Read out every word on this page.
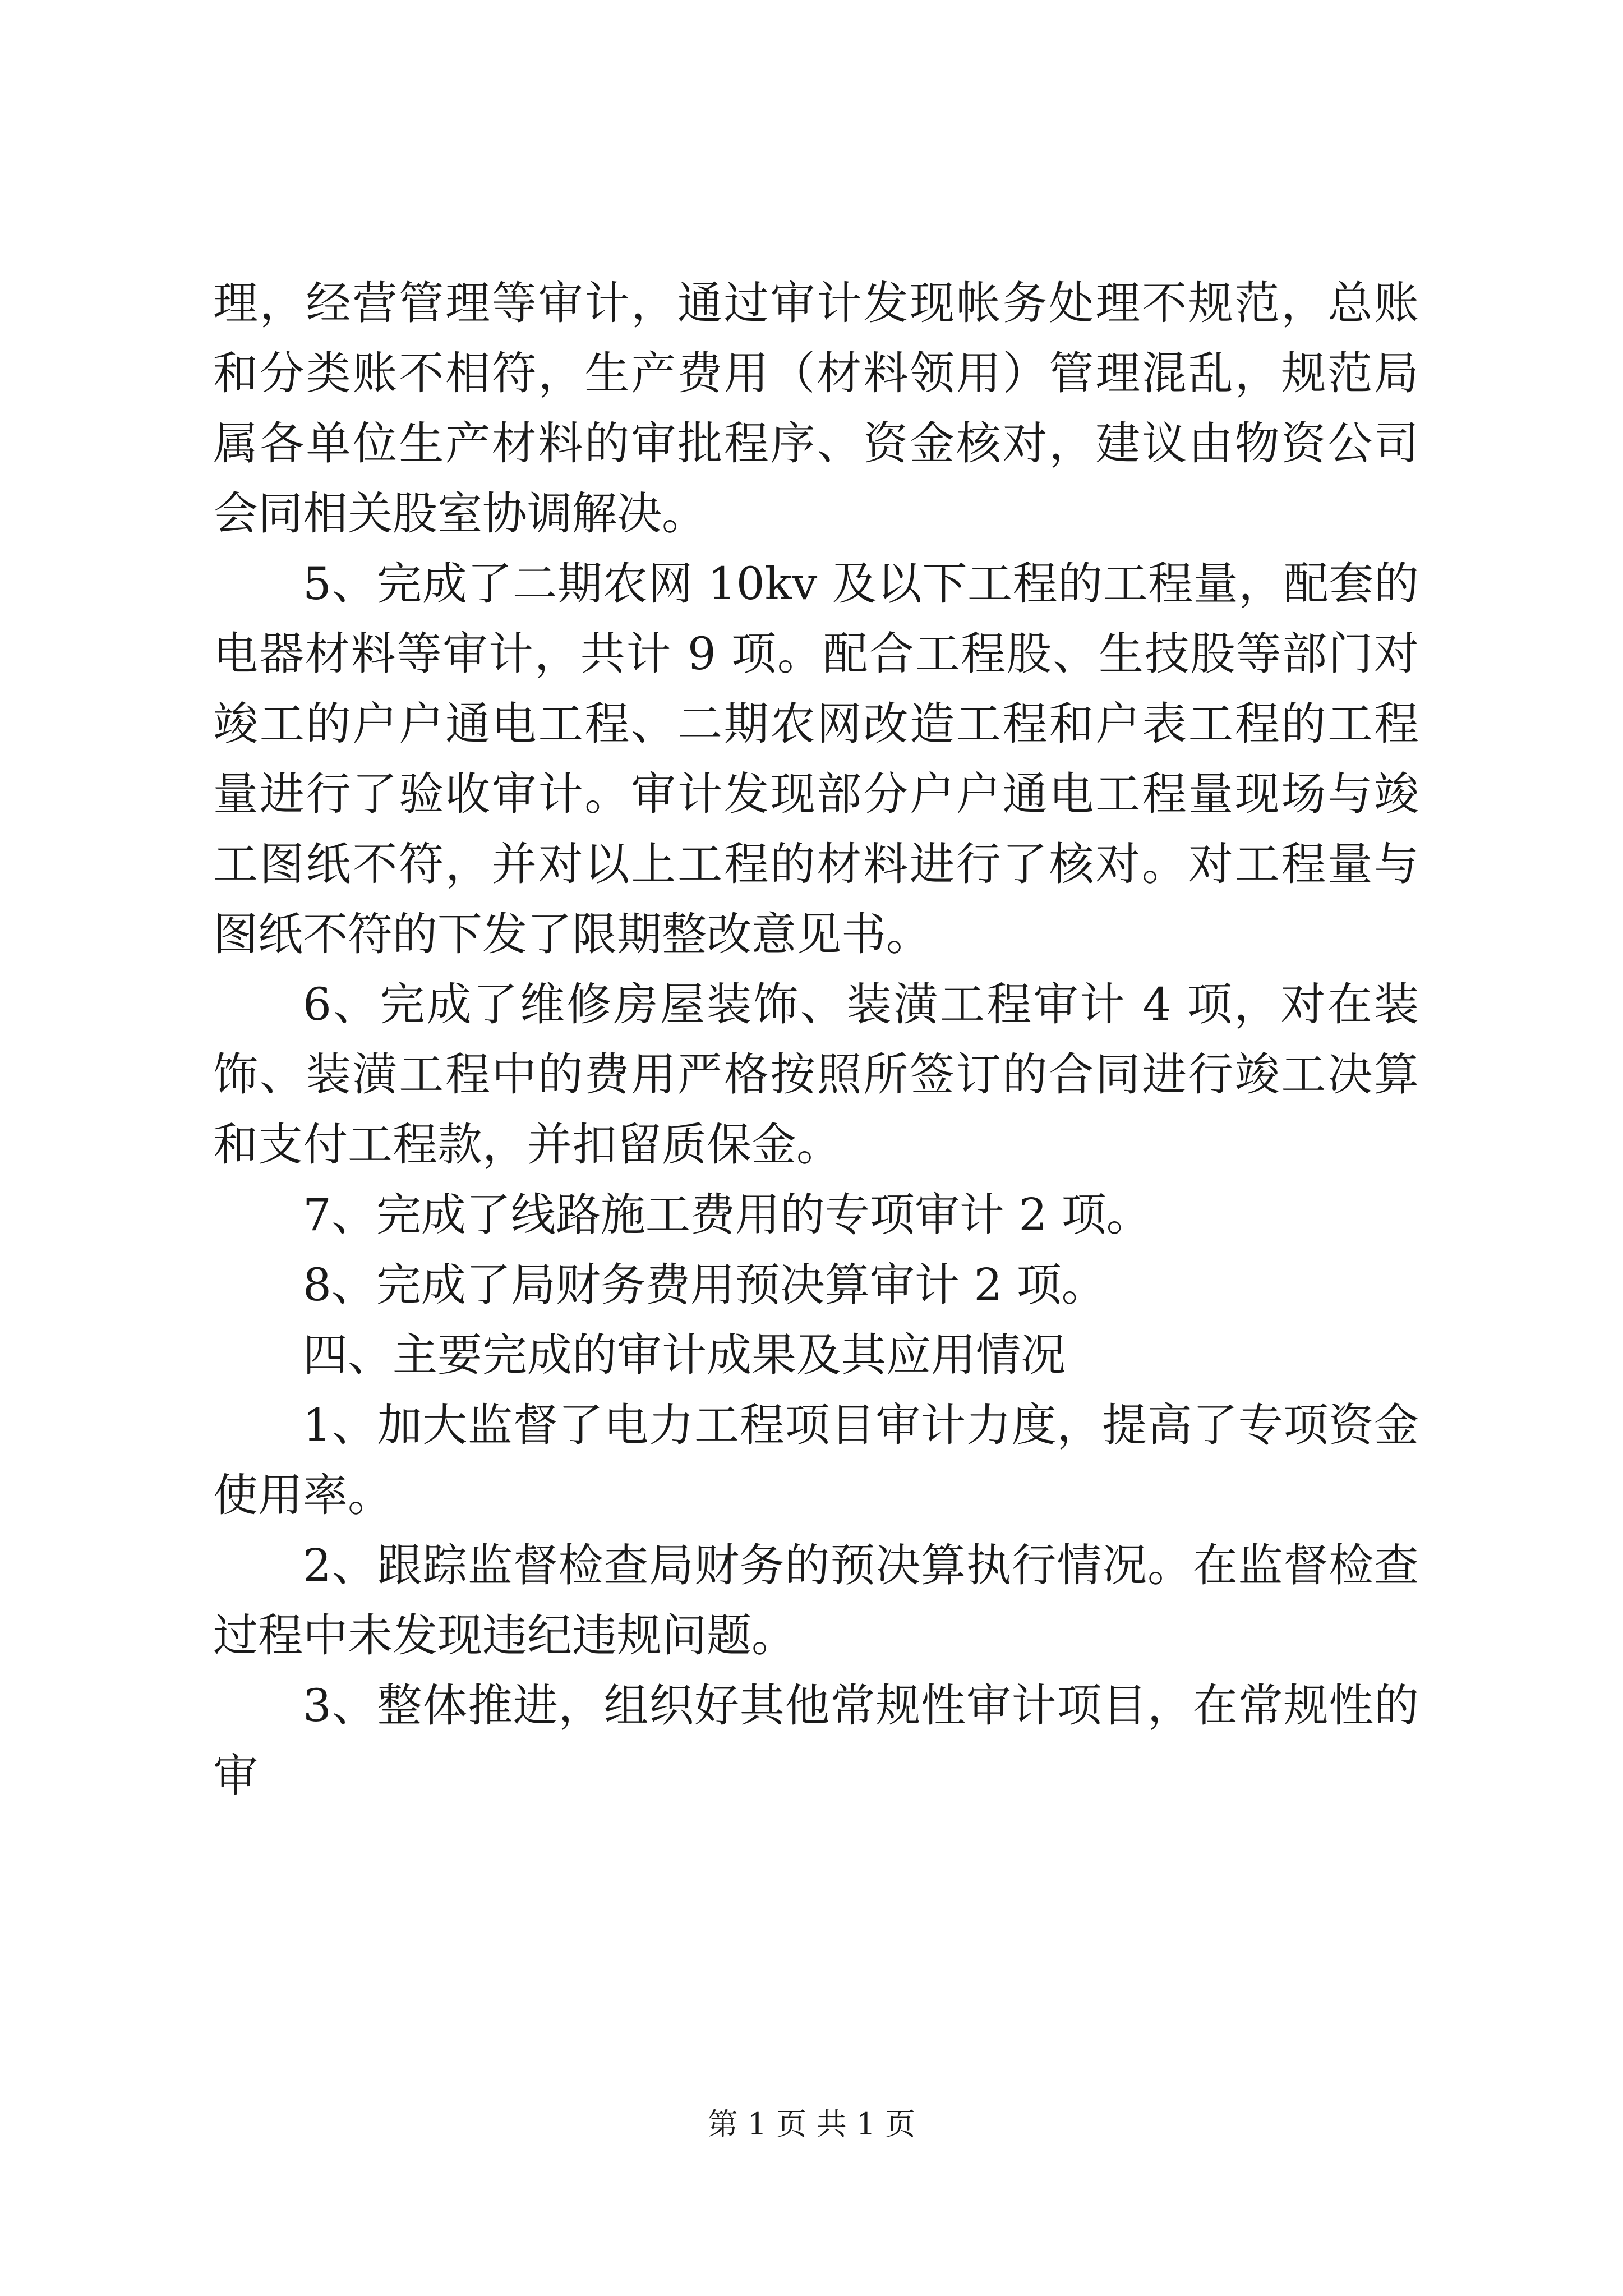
理，经营管理等审计，通过审计发现帐务处理不规范，总账和分类账不相符，生产费用（材料领用）管理混乱，规范局属各单位生产材料的审批程序、资金核对，建议由物资公司会同相关股室协调解决。

5、完成了二期农网 10kv 及以下工程的工程量，配套的电器材料等审计，共计 9 项。配合工程股、生技股等部门对竣工的户户通电工程、二期农网改造工程和户表工程的工程量进行了验收审计。审计发现部分户户通电工程量现场与竣工图纸不符，并对以上工程的材料进行了核对。对工程量与图纸不符的下发了限期整改意见书。

6、完成了维修房屋装饰、装潢工程审计 4 项，对在装饰、装潢工程中的费用严格按照所签订的合同进行竣工决算和支付工程款，并扣留质保金。

7、完成了线路施工费用的专项审计 2 项。

8、完成了局财务费用预决算审计 2 项。

四、主要完成的审计成果及其应用情况

1、加大监督了电力工程项目审计力度，提高了专项资金使用率。

2、跟踪监督检查局财务的预决算执行情况。在监督检查过程中未发现违纪违规问题。

3、整体推进，组织好其他常规性审计项目，在常规性的审

第 1 页 共 1 页
